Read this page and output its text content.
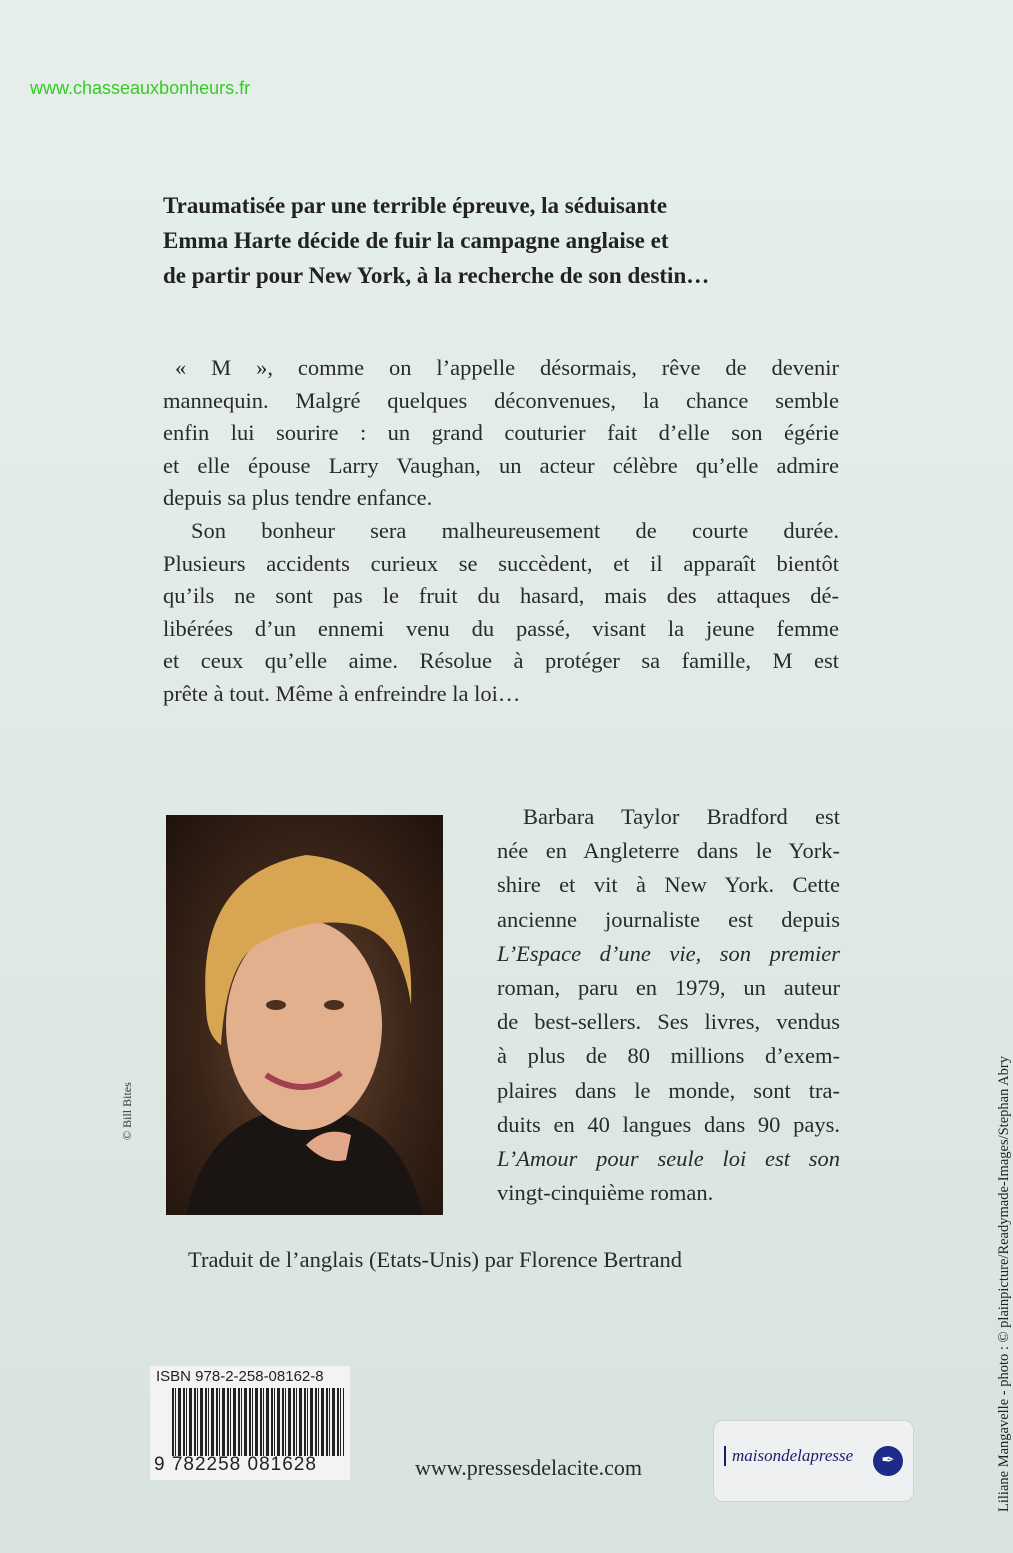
www.chasseauxbonheurs.fr
Traumatisée par une terrible épreuve, la séduisante
Emma Harte décide de fuir la campagne anglaise et
de partir pour New York, à la recherche de son destin…
« M », comme on l’appelle désormais, rêve de devenir
mannequin. Malgré quelques déconvenues, la chance semble
enfin lui sourire : un grand couturier fait d’elle son égérie
et elle épouse Larry Vaughan, un acteur célèbre qu’elle admire
depuis sa plus tendre enfance.
Son bonheur sera malheureusement de courte durée.
Plusieurs accidents curieux se succèdent, et il apparaît bientôt
qu’ils ne sont pas le fruit du hasard, mais des attaques dé-
libérées d’un ennemi venu du passé, visant la jeune femme
et ceux qu’elle aime. Résolue à protéger sa famille, M est
prête à tout. Même à enfreindre la loi…
© Bill Bites
Barbara Taylor Bradford est
née en Angleterre dans le York-
shire et vit à New York. Cette
ancienne journaliste est depuis
L’Espace d’une vie, son premier
roman, paru en 1979, un auteur
de best-sellers. Ses livres, vendus
à plus de 80 millions d’exem-
plaires dans le monde, sont tra-
duits en 40 langues dans 90 pays.
L’Amour pour seule loi est son
vingt-cinquième roman.
Traduit de l’anglais (Etats-Unis) par Florence Bertrand
ISBN 978-2-258-08162-8
9 782258 081628	www.pressesdelacite.com	maisondelapresse	✒	Liliane Mangavelle - photo : © plainpicture/Readymade-Images/Stephan Abry
